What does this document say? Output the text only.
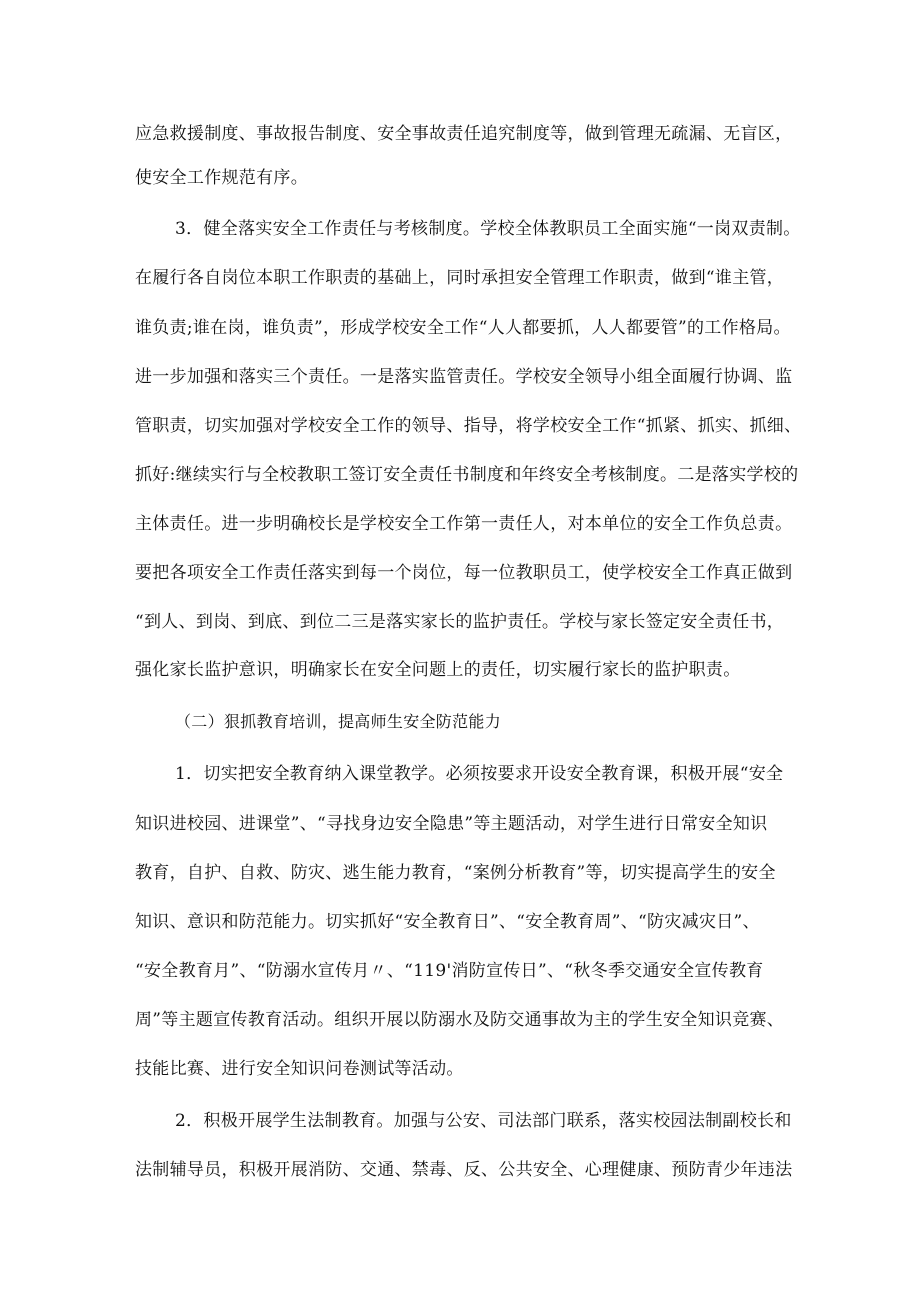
应急救援制度、事故报告制度、安全事故责任追究制度等，做到管理无疏漏、无盲区，
使安全工作规范有序。
3．健全落实安全工作责任与考核制度。学校全体教职员工全面实施“一岗双责制。
在履行各自岗位本职工作职责的基础上，同时承担安全管理工作职责，做到“谁主管，
谁负责;谁在岗，谁负责”，形成学校安全工作“人人都要抓，人人都要管”的工作格局。
进一步加强和落实三个责任。一是落实监管责任。学校安全领导小组全面履行协调、监
管职责，切实加强对学校安全工作的领导、指导，将学校安全工作“抓紧、抓实、抓细、
抓好:继续实行与全校教职工签订安全责任书制度和年终安全考核制度。二是落实学校的
主体责任。进一步明确校长是学校安全工作第一责任人，对本单位的安全工作负总责。
要把各项安全工作责任落实到每一个岗位，每一位教职员工，使学校安全工作真正做到
“到人、到岗、到底、到位二三是落实家长的监护责任。学校与家长签定安全责任书，
强化家长监护意识，明确家长在安全问题上的责任，切实履行家长的监护职责。
（二）狠抓教育培训，提高师生安全防范能力
1．切实把安全教育纳入课堂教学。必须按要求开设安全教育课，积极开展“安全
知识进校园、进课堂”、“寻找身边安全隐患”等主题活动，对学生进行日常安全知识
教育，自护、自救、防灾、逃生能力教育，“案例分析教育”等，切实提高学生的安全
知识、意识和防范能力。切实抓好“安全教育日”、“安全教育周”、“防灾减灾日”、
“安全教育月”、“防溺水宣传月〃、“119'消防宣传日”、“秋冬季交通安全宣传教育
周”等主题宣传教育活动。组织开展以防溺水及防交通事故为主的学生安全知识竞赛、
技能比赛、进行安全知识问卷测试等活动。
2．积极开展学生法制教育。加强与公安、司法部门联系，落实校园法制副校长和
法制辅导员，积极开展消防、交通、禁毒、反、公共安全、心理健康、预防青少年违法
